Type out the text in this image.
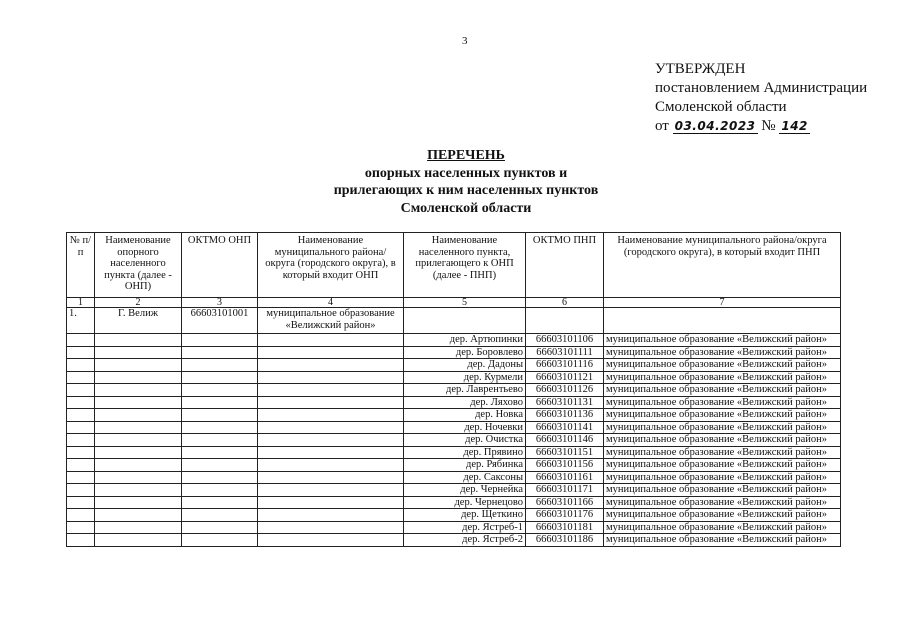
3
УТВЕРЖДЕН
постановлением Администрации
Смоленской области
от 03.04.2023 № 142
ПЕРЕЧЕНЬ
опорных населенных пунктов и
прилегающих к ним населенных пунктов
Смоленской области
№ п/п	Наименование опорного населенного пункта (далее - ОНП)	ОКТМО ОНП	Наименование муниципального района/округа (городского округа), в который входит ОНП	Наименование населенного пункта, прилегающего к ОНП (далее - ПНП)	ОКТМО ПНП	Наименование муниципального района/округа (городского округа), в который входит ПНП
1	2	3	4	5	6	7
1.	Г. Велиж	66603101001	муниципальное образование «Велижский район»			
				дер. Артюпинки	66603101106	муниципальное образование «Велижский район»
				дер. Боровлево	66603101111	муниципальное образование «Велижский район»
				дер. Дадоны	66603101116	муниципальное образование «Велижский район»
				дер. Курмели	66603101121	муниципальное образование «Велижский район»
				дер. Лаврентьево	66603101126	муниципальное образование «Велижский район»
				дер. Ляхово	66603101131	муниципальное образование «Велижский район»
				дер. Новка	66603101136	муниципальное образование «Велижский район»
				дер. Ночевки	66603101141	муниципальное образование «Велижский район»
				дер. Очистка	66603101146	муниципальное образование «Велижский район»
				дер. Прявино	66603101151	муниципальное образование «Велижский район»
				дер. Рябинка	66603101156	муниципальное образование «Велижский район»
				дер. Саксоны	66603101161	муниципальное образование «Велижский район»
				дер. Чернейка	66603101171	муниципальное образование «Велижский район»
				дер. Чернецово	66603101166	муниципальное образование «Велижский район»
				дер. Щеткино	66603101176	муниципальное образование «Велижский район»
				дер. Ястреб-1	66603101181	муниципальное образование «Велижский район»
				дер. Ястреб-2	66603101186	муниципальное образование «Велижский район»
